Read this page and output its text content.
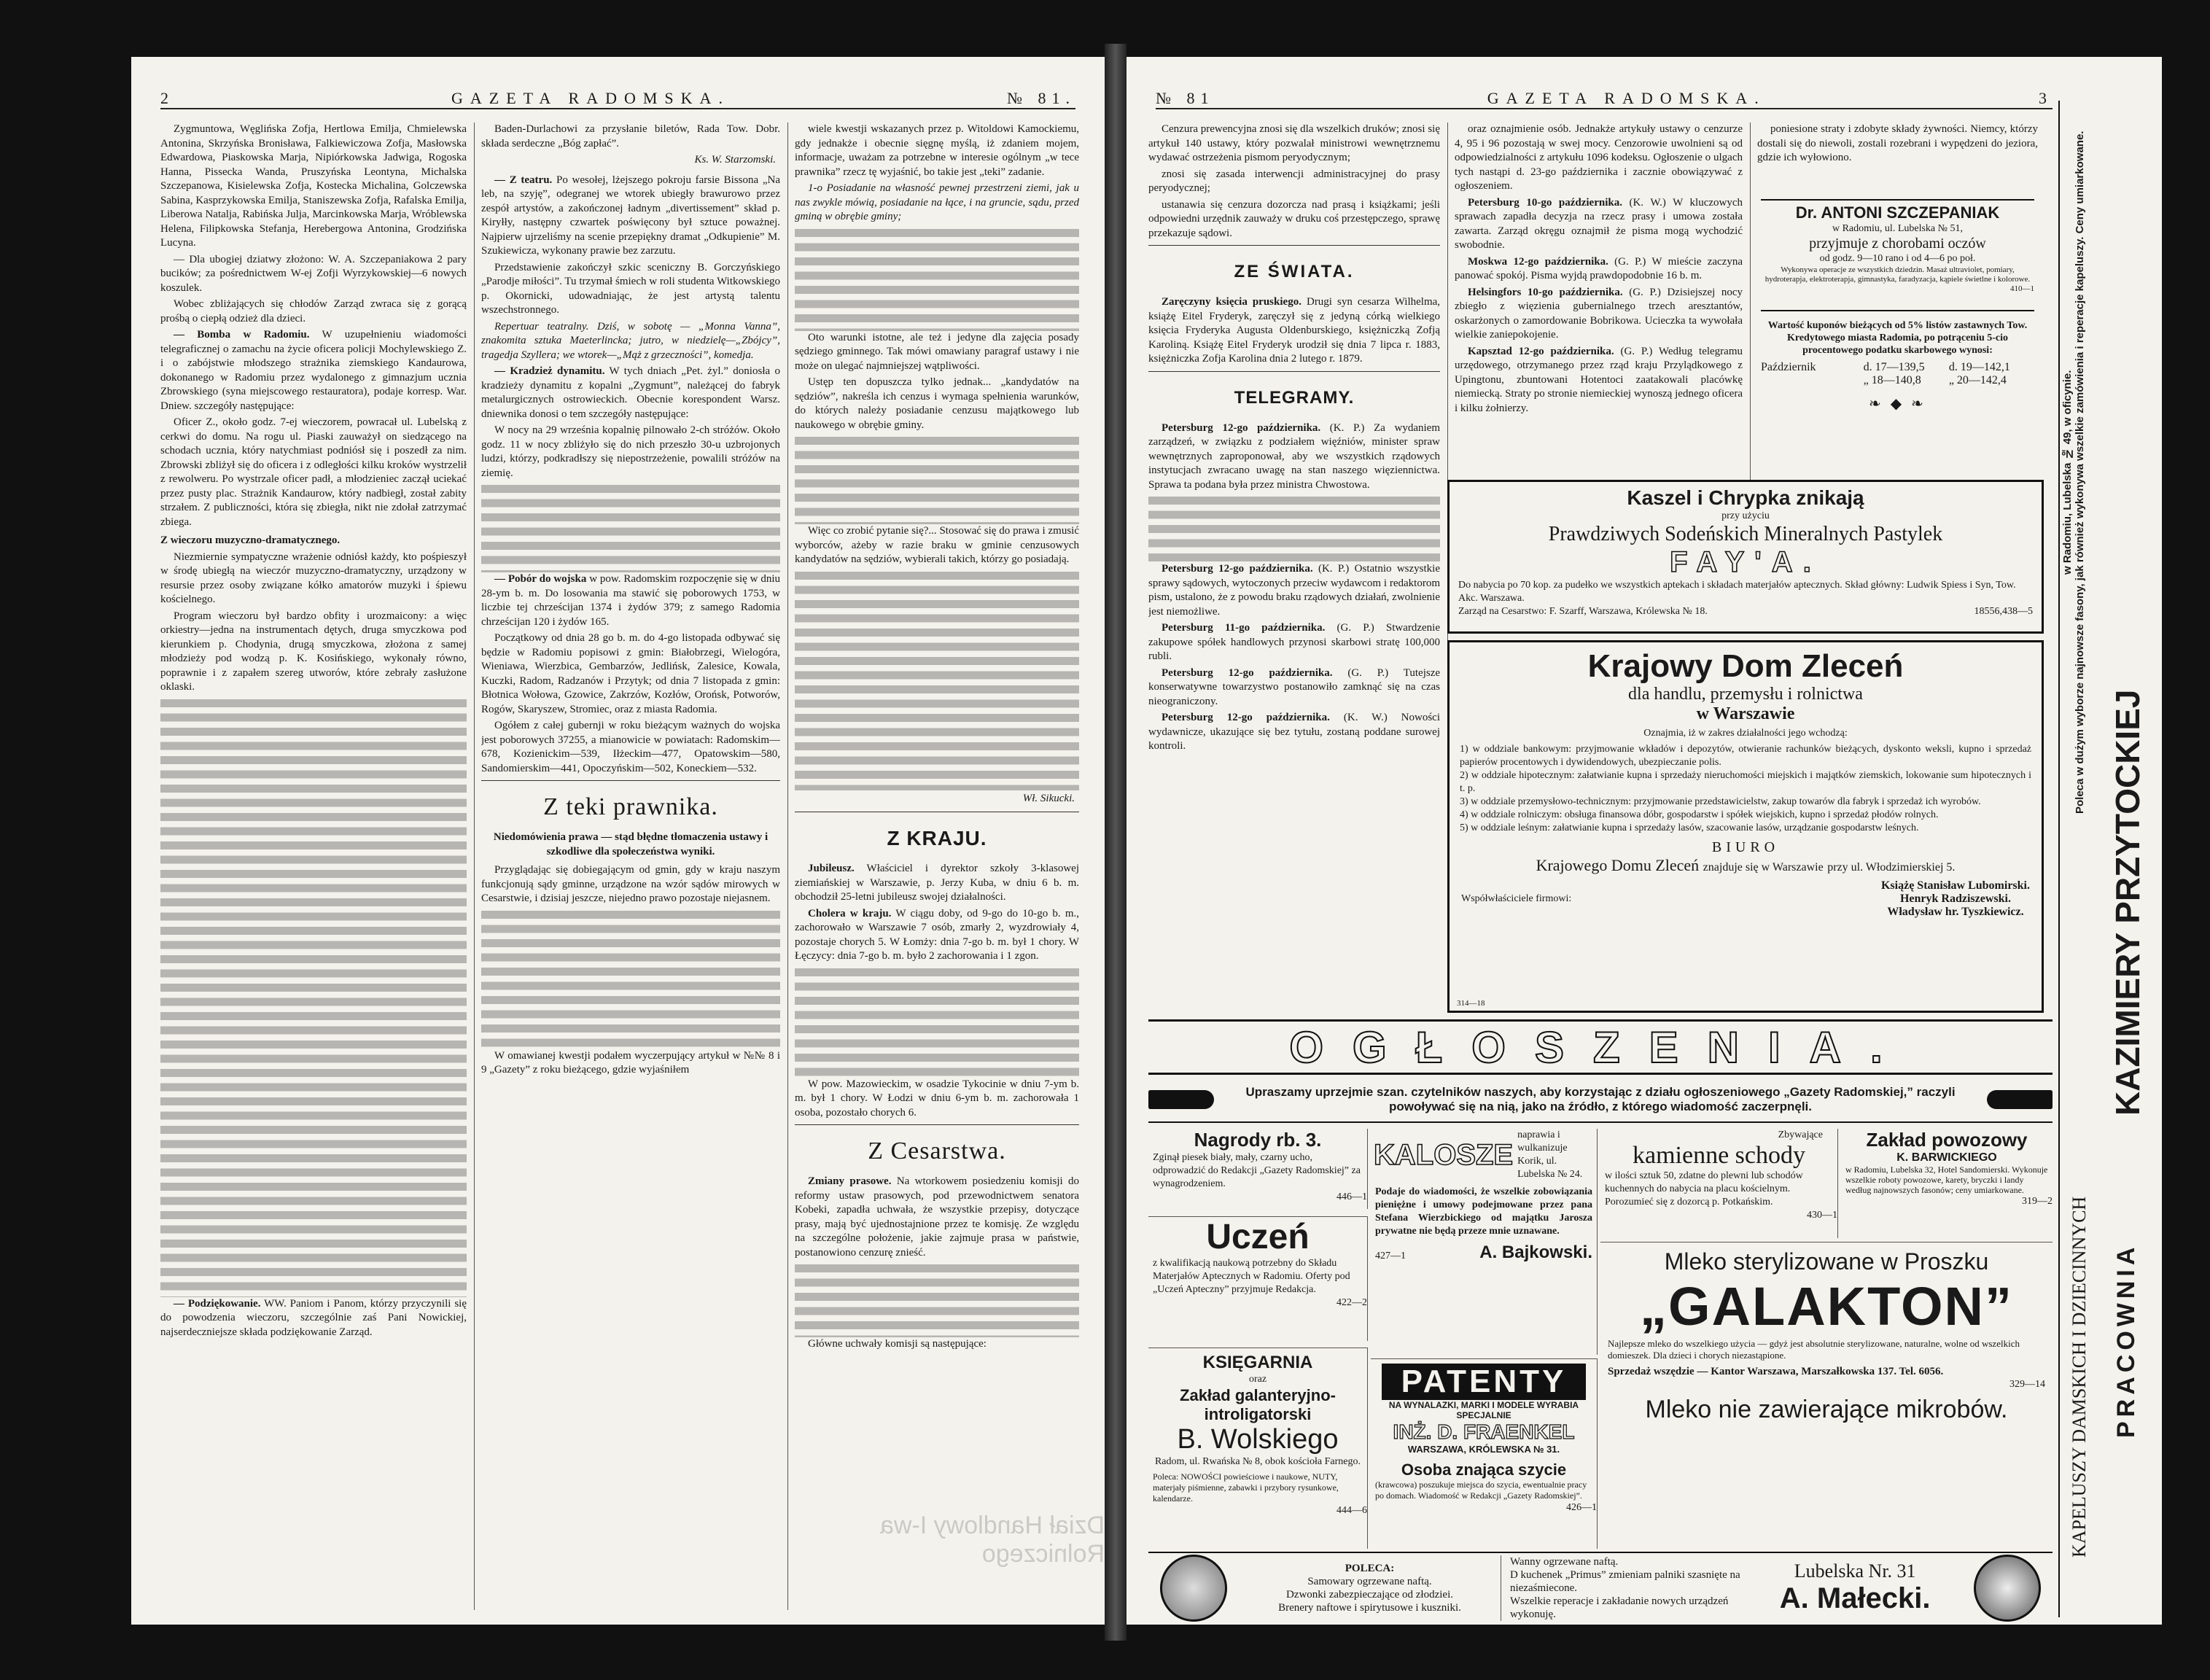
2	GAZETA RADOMSKA.	№ 81.

Zygmuntowa, Węglińska Zofja, Hertlowa Emilja, Chmielewska Antonina, Skrzyńska Bronisława, Falkiewiczowa Zofja, Masłowska Edwardowa, Piaskowska Marja, Nipiórkowska Jadwiga, Rogoska Hanna, Pissecka Wanda, Pruszyńska Leontyna, Michalska Szczepanowa, Kisielewska Zofja, Kostecka Michalina, Golczewska Sabina, Kasprzykowska Emilja, Staniszewska Zofja, Rafalska Emilja, Liberowa Natalja, Rabińska Julja, Marcinkowska Marja, Wróblewska Helena, Filipkowska Stefanja, Herebergowa Antonina, Grodzińska Lucyna.

— Dla ubogiej dziatwy złożono: W. A. Szczepaniakowa 2 pary bucików; za pośrednictwem W-ej Zofji Wyrzykowskiej—6 nowych koszulek.

Wobec zbliżających się chłodów Zarząd zwraca się z gorącą prośbą o ciepłą odzież dla dzieci.

— Bomba w Radomiu. W uzupełnieniu wiadomości telegraficznej o zamachu na życie oficera policji Mochylewskiego Z. i o zabójstwie młodszego strażnika ziemskiego Kandaurowa, dokonanego w Radomiu przez wydalonego z gimnazjum ucznia Zbrowskiego (syna miejscowego restauratora), podaje korresp. War. Dniew. szczegóły następujące:

Oficer Z., około godz. 7-ej wieczorem, powracał ul. Lubelską z cerkwi do domu. Na rogu ul. Piaski zauważył on siedzącego na schodach ucznia, który natychmiast podniósł się i poszedł za nim. Zbrowski zbliżył się do oficera i z odległości kilku kroków wystrzelił z rewolweru. Po wystrzale oficer padł, a młodzieniec zaczął uciekać przez pusty plac. Strażnik Kandaurow, który nadbiegł, został zabity strzałem. Z publiczności, która się zbiegła, nikt nie zdołał zatrzymać zbiega.

Z wieczoru muzyczno-dramatycznego.

Niezmiernie sympatyczne wrażenie odniósł każdy, kto pośpieszył w środę ubiegłą na wieczór muzyczno-dramatyczny, urządzony w resursie przez osoby związane kółko amatorów muzyki i śpiewu kościelnego.

Program wieczoru był bardzo obfity i urozmaicony: a więc orkiestry—jedna na instrumentach dętych, druga smyczkowa pod kierunkiem p. Chodynia, drugą smyczkowa, złożona z samej młodzieży pod wodzą p. K. Kosińskiego, wykonały równo, poprawnie i z zapałem szereg utworów, które zebrały zasłużone oklaski.

— Podziękowanie. WW. Paniom i Panom, którzy przyczynili się do powodzenia wieczoru, szczególnie zaś Pani Nowickiej, najserdeczniejsze składa podziękowanie Zarząd.

Baden-Durlachowi za przysłanie biletów, Rada Tow. Dobr. składa serdeczne „Bóg zapłać”.

Ks. W. Starzomski.

— Z teatru. Po wesołej, lżejszego pokroju farsie Bissona „Na leb, na szyję”, odegranej we wtorek ubiegły brawurowo przez zespół artystów, a zakończonej ładnym „divertissement” skład p. Kiryłły, następny czwartek poświęcony był sztuce poważnej. Najpierw ujrzeliśmy na scenie przepiękny dramat „Odkupienie” M. Szukiewicza, wykonany prawie bez zarzutu.

Przedstawienie zakończył szkic sceniczny B. Gorczyńskiego „Parodje miłości”. Tu trzymał śmiech w roli studenta Witkowskiego p. Okornicki, udowadniając, że jest artystą talentu wszechstronnego.

Repertuar teatralny. Dziś, w sobotę — „Monna Vanna”, znakomita sztuka Maeterlincka; jutro, w niedzielę—„Zbójcy”, tragedja Szyllera; we wtorek—„Mąż z grzeczności”, komedja.

— Kradzież dynamitu. W tych dniach „Pet. żyl.” doniosła o kradzieży dynamitu z kopalni „Zygmunt”, należącej do fabryk metalurgicznych ostrowieckich. Obecnie korespondent Warsz. dniewnika donosi o tem szczegóły następujące:

W nocy na 29 września kopalnię pilnowało 2-ch stróżów. Około godz. 11 w nocy zbliżyło się do nich przeszło 30-u uzbrojonych ludzi, którzy, podkradłszy się niepostrzeżenie, powalili stróżów na ziemię.

— Pobór do wojska w pow. Radomskim rozpoczęnie się w dniu 28-ym b. m. Do losowania ma stawić się poborowych 1753, w liczbie tej chrześcijan 1374 i żydów 379; z samego Radomia chrześcijan 120 i żydów 165.

Początkowy od dnia 28 go b. m. do 4-go listopada odbywać się będzie w Radomiu popisowi z gmin: Białobrzegi, Wielogóra, Wieniawa, Wierzbica, Gembarzów, Jedlińsk, Zalesice, Kowala, Kuczki, Radom, Radzanów i Przytyk; od dnia 7 listopada z gmin: Błotnica Wołowa, Gzowice, Zakrzów, Kozłów, Orońsk, Potworów, Rogów, Skaryszew, Stromiec, oraz z miasta Radomia.

Ogółem z całej gubernji w roku bieżącym ważnych do wojska jest poborowych 37255, a mianowicie w powiatach: Radomskim—678, Kozienickim—539, Iłżeckim—477, Opatowskim—580, Sandomierskim—441, Opoczyńskim—502, Koneckiem—532.

Z teki prawnika.
Niedomówienia prawa — stąd błędne tłomaczenia ustawy i szkodliwe dla społeczeństwa wyniki.

Przyglądając się dobiegającym od gmin, gdy w kraju naszym funkcjonują sądy gminne, urządzone na wzór sądów mirowych w Cesarstwie, i dzisiaj jeszcze, niejedno prawo pozostaje niejasnem.

W omawianej kwestji podałem wyczerpujący artykuł w №№ 8 i 9 „Gazety” z roku bieżącego, gdzie wyjaśniłem

wiele kwestji wskazanych przez p. Witoldowi Kamockiemu, gdy jednakże i obecnie sięgnę myślą, iż zdaniem mojem, informacje, uważam za potrzebne w interesie ogólnym „w tece prawnika” rzecz tę wyjaśnić, bo takie jest „teki” zadanie.

1-o Posiadanie na własność pewnej przestrzeni ziemi, jak u nas zwykle mówią, posiadanie na łące, i na gruncie, sądu, przed gminą w obrębie gminy;

Oto warunki istotne, ale też i jedyne dla zajęcia posady sędziego gminnego. Tak mówi omawiany paragraf ustawy i nie może on ulegać najmniejszej wątpliwości.

Ustęp ten dopuszcza tylko jednak... „kandydatów na sędziów”, nakreśla ich cenzus i wymaga spełnienia warunków, do których należy posiadanie cenzusu majątkowego lub naukowego w obrębie gminy.

Więc co zrobić pytanie się?... Stosować się do prawa i zmusić wyborców, ażeby w razie braku w gminie cenzusowych kandydatów na sędziów, wybierali takich, którzy go posiadają.

Wł. Sikucki.
Z KRAJU.

Jubileusz. Właściciel i dyrektor szkoły 3-klasowej ziemiańskiej w Warszawie, p. Jerzy Kuba, w dniu 6 b. m. obchodził 25-letni jubileusz swojej działalności.

Cholera w kraju. W ciągu doby, od 9-go do 10-go b. m., zachorowało w Warszawie 7 osób, zmarły 2, wyzdrowiały 4, pozostaje chorych 5. W Łomży: dnia 7-go b. m. był 1 chory. W Łęczycy: dnia 7-go b. m. było 2 zachorowania i 1 zgon.

W pow. Mazowieckim, w osadzie Tykocinie w dniu 7-ym b. m. był 1 chory. W Łodzi w dniu 6-ym b. m. zachorowała 1 osoba, pozostało chorych 6.

Z Cesarstwa.

Zmiany prasowe. Na wtorkowem posiedzeniu komisji do reformy ustaw prasowych, pod przewodnictwem senatora Kobeki, zapadła uchwała, że wszystkie przepisy, dotyczące prasy, mają być ujednostajnione przez te komisję. Ze względu na szczególne położenie, jakie zajmuje prasa w państwie, postanowiono cenzurę znieść.

Główne uchwały komisji są następujące:

Dział Handlowy I-wa Rolniczego
№ 81	GAZETA RADOMSKA.	3

Cenzura prewencyjna znosi się dla wszelkich druków; znosi się artykuł 140 ustawy, który pozwalał ministrowi wewnętrznemu wydawać ostrzeżenia pismom peryodycznym;

znosi się zasada interwencji administracyjnej do prasy peryodycznej;

ustanawia się cenzura dozorcza nad prasą i książkami; jeśli odpowiedni urzędnik zauważy w druku coś przestępczego, sprawę przekazuje sądowi.

ZE ŚWIATA.

Zaręczyny księcia pruskiego. Drugi syn cesarza Wilhelma, książę Eitel Fryderyk, zaręczył się z jedyną córką wielkiego księcia Fryderyka Augusta Oldenburskiego, księżniczką Zofją Karoliną. Książę Eitel Fryderyk urodził się dnia 7 lipca r. 1883, księżniczka Zofja Karolina dnia 2 lutego r. 1879.

TELEGRAMY.

Petersburg 12-go października. (K. P.) Za wydaniem zarządzeń, w związku z podziałem więźniów, minister spraw wewnętrznych zaproponował, aby we wszystkich rządowych instytucjach zwracano uwagę na stan naszego więziennictwa. Sprawa ta podana była przez ministra Chwostowa.

Petersburg 12-go października. (K. P.) Ostatnio wszystkie sprawy sądowych, wytoczonych przeciw wydawcom i redaktorom pism, ustalono, że z powodu braku rządowych działań, zwolnienie jest niemożliwe.

Petersburg 11-go października. (G. P.) Stwardzenie zakupowe spółek handlowych przynosi skarbowi stratę 100,000 rubli.

Petersburg 12-go października. (G. P.) Tutejsze konserwatywne towarzystwo postanowiło zamknąć się na czas nieograniczony.

Petersburg 12-go października. (K. W.) Nowości wydawnicze, ukazujące się bez tytułu, zostaną poddane surowej kontroli.

oraz oznajmienie osób. Jednakże artykuły ustawy o cenzurze 4, 95 i 96 pozostają w swej mocy. Cenzorowie uwolnieni są od odpowiedzialności z artykułu 1096 kodeksu. Ogłoszenie o ulgach tych nastąpi d. 23-go października i zacznie obowiązywać z ogłoszeniem.

Petersburg 10-go października. (K. W.) W kluczowych sprawach zapadła decyzja na rzecz prasy i umowa została zawarta. Zarząd okręgu oznajmił że pisma mogą wychodzić swobodnie.

Moskwa 12-go października. (G. P.) W mieście zaczyna panować spokój. Pisma wyjdą prawdopodobnie 16 b. m.

Helsingfors 10-go października. (G. P.) Dzisiejszej nocy zbiegło z więzienia gubernialnego trzech aresztantów, oskarżonych o zamordowanie Bobrikowa. Ucieczka ta wywołała wielkie zaniepokojenie.

Kapsztad 12-go października. (G. P.) Według telegramu urzędowego, otrzymanego przez rząd kraju Przylądkowego z Upingtonu, zbuntowani Hotentoci zaatakowali placówkę niemiecką. Straty po stronie niemieckiej wynoszą jednego oficera i kilku żołnierzy.

poniesione straty i zdobyte składy żywności. Niemcy, którzy dostali się do niewoli, zostali rozebrani i wypędzeni do jeziora, gdzie ich wyłowiono.

Dr. ANTONI SZCZEPANIAK
w Radomiu, ul. Lubelska № 51,
przyjmuje z chorobami oczów
od godz. 9—10 rano i od 4—6 po poł.
Wykonywa operacje ze wszystkich dziedzin. Masaż ultraviolet, pomiary, hydroterapja, elektroterapja, gimnastyka, faradyzacja, kąpiele świetlne i kolorowe.
410—1
Wartość kuponów bieżących od 5% listów zastawnych Tow. Kredytowego miasta Radomia, po potrąceniu 5-cio procentowego podatku skarbowego wynosi:
Październik	d. 17—139,5	d. 19—142,1
„ 18—140,8	„ 20—142,4
❧ ◆ ❧
Kaszel i Chrypka znikają
przy użyciu
Prawdziwych Sodeńskich Mineralnych Pastylek
FAY'A.
Do nabycia po 70 kop. za pudełko we wszystkich aptekach i składach materjałów aptecznych. Skład główny: Ludwik Spiess i Syn, Tow. Akc. Warszawa.
Zarząd na Cesarstwo: F. Szarff, Warszawa, Królewska № 18.	18556,438—5
Krajowy Dom Zleceń
dla handlu, przemysłu i rolnictwa
w Warszawie
Oznajmia, iż w zakres działalności jego wchodzą:
1) w oddziale bankowym: przyjmowanie wkładów i depozytów, otwieranie rachunków bieżących, dyskonto weksli, kupno i sprzedaż papierów procentowych i dywidendowych, ubezpieczanie polis.
2) w oddziale hipotecznym: załatwianie kupna i sprzedaży nieruchomości miejskich i majątków ziemskich, lokowanie sum hipotecznych i t. p.
3) w oddziale przemysłowo-technicznym: przyjmowanie przedstawicielstw, zakup towarów dla fabryk i sprzedaż ich wyrobów.
4) w oddziale rolniczym: obsługa finansowa dóbr, gospodarstw i spółek wiejskich, kupno i sprzedaż płodów rolnych.
5) w oddziale leśnym: załatwianie kupna i sprzedaży lasów, szacowanie lasów, urządzanie gospodarstw leśnych.
BIURO
Krajowego Domu Zleceń znajduje się w Warszawie przy ul. Włodzimierskiej 5.
Współwłaściciele firmowi:
Książę Stanisław Lubomirski.
Henryk Radziszewski.
Władysław hr. Tyszkiewicz.
314—18
OGŁOSZENIA.
Upraszamy uprzejmie szan. czytelników naszych, aby korzystając z działu ogłoszeniowego „Gazety Radomskiej,” raczyli powoływać się na nią, jako na źródło, z którego wiadomość zaczerpnęli.
Nagrody rb. 3.
Zginął piesek biały, mały, czarny ucho, odprowadzić do Redakcji „Gazety Radomskiej” za wynagrodzeniem.
446—1
Uczeń
z kwalifikacją naukową potrzebny do Składu Materjałów Aptecznych w Radomiu. Oferty pod „Uczeń Apteczny” przyjmuje Redakcja.
422—2
KSIĘGARNIA
oraz
Zakład galanteryjno-introligatorski
B. Wolskiego
Radom, ul. Rwańska № 8, obok kościoła Farnego.
Poleca: NOWOŚCI powieściowe i naukowe, NUTY, materjały piśmienne, zabawki i przybory rysunkowe, kalendarze.
444—6
KALOSZE
naprawia i wulkanizuje Korik, ul. Lubelska № 24.
Podaje do wiadomości, że wszelkie zobowiązania pieniężne i umowy podejmowane przez pana Stefana Wierzbickiego od majątku Jarosza prywatne nie będą przeze mnie uznawane.
427—1	A. Bajkowski.
PATENTY
NA WYNALAZKI, MARKI I MODELE WYRABIA SPECJALNIE
INŻ. D. FRAENKEL
WARSZAWA, KRÓLEWSKA № 31.
Osoba znająca szycie
(krawcowa) poszukuje miejsca do szycia, ewentualnie pracy po domach. Wiadomość w Redakcji „Gazety Radomskiej”.
426—1
Zbywające
kamienne schody
w ilości sztuk 50, zdatne do plewni lub schodów kuchennych do nabycia na placu kościelnym. Porozumieć się z dozorcą p. Potkańskim.
430—1
Zakład powozowy
K. BARWICKIEGO
w Radomiu, Lubelska 32, Hotel Sandomierski. Wykonuje wszelkie roboty powozowe, karety, bryczki i landy według najnowszych fasonów; ceny umiarkowane.
319—2
Mleko sterylizowane w Proszku
„GALAKTON”
Najlepsze mleko do wszelkiego użycia — gdyż jest absolutnie sterylizowane, naturalne, wolne od wszelkich domieszek. Dla dzieci i chorych niezastąpione.
Sprzedaż wszędzie — Kantor Warszawa, Marszałkowska 137. Tel. 6056.
329—14
Mleko nie zawierające mikrobów.
POLECA:
Samowary ogrzewane naftą.
Dzwonki zabezpieczające od złodziei.
Brenery naftowe i spirytusowe i kuszniki.
Wanny ogrzewane naftą.
D kuchenek „Primus” zmieniam palniki szasnięte na niezaśmiecone.
Wszelkie reperacje i zakładanie nowych urządzeń wykonuję.
Lubelska Nr. 31
A. Małecki.
w Radomiu, Lubelska № 49, w oficynie. Poleca w dużym wyborze najnowsze fasony, jak również wykonywa wszelkie zamówienia i reperacje kapeluszy. Ceny umiarkowane.
KAZIMIERY PRZYTOCKIEJ
PRACOWNIA
KAPELUSZY DAMSKICH I DZIECINNYCH
